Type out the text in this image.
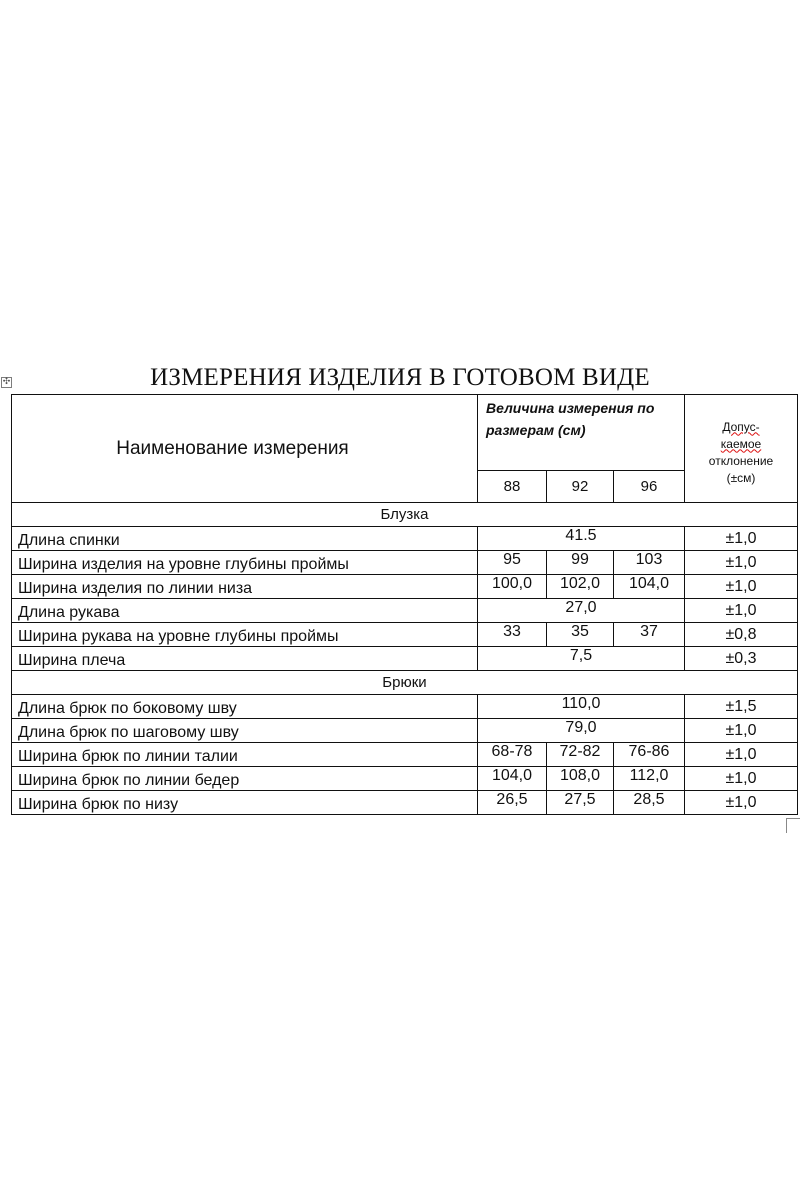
✣	ИЗМЕРЕНИЯ ИЗДЕЛИЯ В ГОТОВОМ ВИДЕ
Наименование измерения	Величина измерения по размерам (см)			Допус-
каемое
отклонение
(±см)
	88	92	96	
Блузка				
Длина спинки	41.5			±1,0
Ширина изделия на уровне глубины проймы	95	99	103	±1,0
Ширина изделия по линии низа	100,0	102,0	104,0	±1,0
Длина рукава	27,0			±1,0
Ширина рукава на уровне глубины проймы	33	35	37	±0,8
Ширина плеча	7,5			±0,3
Брюки				
Длина брюк по боковому шву	110,0			±1,5
Длина брюк по шаговому шву	79,0			±1,0
Ширина брюк по линии талии	68-78	72-82	76-86	±1,0
Ширина брюк по линии бедер	104,0	108,0	112,0	±1,0
Ширина брюк по низу	26,5	27,5	28,5	±1,0
